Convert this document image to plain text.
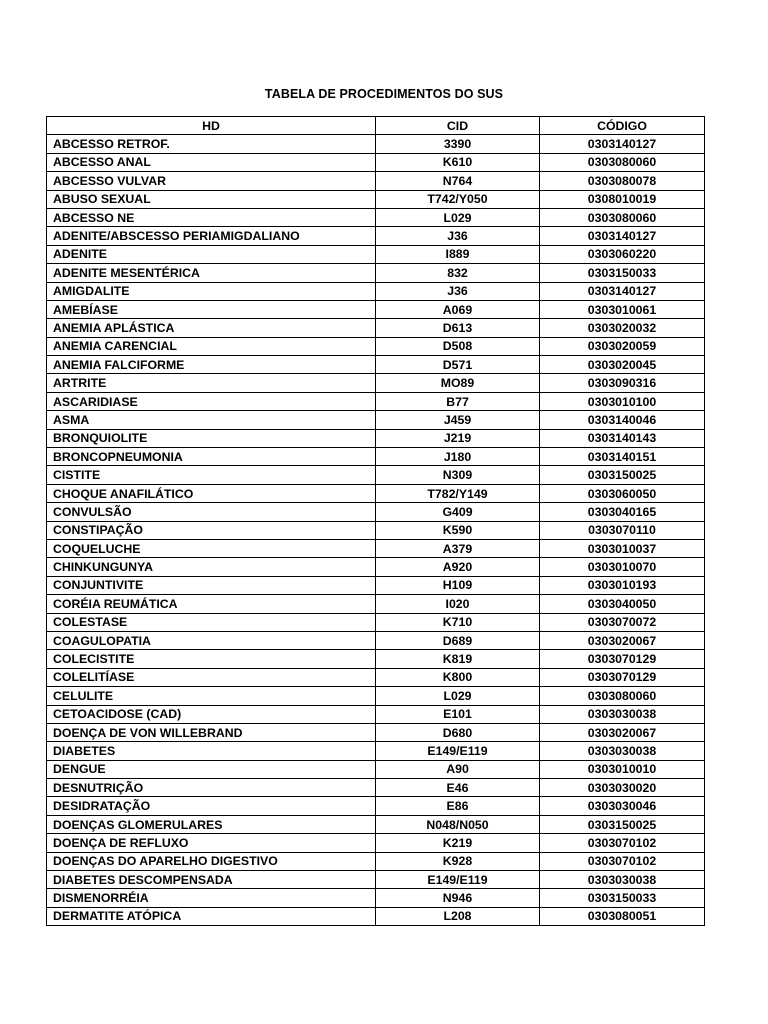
TABELA DE PROCEDIMENTOS DO SUS
HD	CID	CÓDIGO
ABCESSO RETROF.	3390	0303140127
ABCESSO ANAL	K610	0303080060
ABCESSO VULVAR	N764	0303080078
ABUSO SEXUAL	T742/Y050	0308010019
ABCESSO NE	L029	0303080060
ADENITE/ABSCESSO PERIAMIGDALIANO	J36	0303140127
ADENITE	I889	0303060220
ADENITE MESENTÉRICA	832	0303150033
AMIGDALITE	J36	0303140127
AMEBÍASE	A069	0303010061
ANEMIA APLÁSTICA	D613	0303020032
ANEMIA CARENCIAL	D508	0303020059
ANEMIA FALCIFORME	D571	0303020045
ARTRITE	MO89	0303090316
ASCARIDIASE	B77	0303010100
ASMA	J459	0303140046
BRONQUIOLITE	J219	0303140143
BRONCOPNEUMONIA	J180	0303140151
CISTITE	N309	0303150025
CHOQUE ANAFILÁTICO	T782/Y149	0303060050
CONVULSÃO	G409	0303040165
CONSTIPAÇÃO	K590	0303070110
COQUELUCHE	A379	0303010037
CHINKUNGUNYA	A920	0303010070
CONJUNTIVITE	H109	0303010193
CORÉIA REUMÁTICA	I020	0303040050
COLESTASE	K710	0303070072
COAGULOPATIA	D689	0303020067
COLECISTITE	K819	0303070129
COLELITÍASE	K800	0303070129
CELULITE	L029	0303080060
CETOACIDOSE (CAD)	E101	0303030038
DOENÇA DE VON WILLEBRAND	D680	0303020067
DIABETES	E149/E119	0303030038
DENGUE	A90	0303010010
DESNUTRIÇÃO	E46	0303030020
DESIDRATAÇÃO	E86	0303030046
DOENÇAS GLOMERULARES	N048/N050	0303150025
DOENÇA DE REFLUXO	K219	0303070102
DOENÇAS DO APARELHO DIGESTIVO	K928	0303070102
DIABETES DESCOMPENSADA	E149/E119	0303030038
DISMENORRÉIA	N946	0303150033
DERMATITE ATÓPICA	L208	0303080051
